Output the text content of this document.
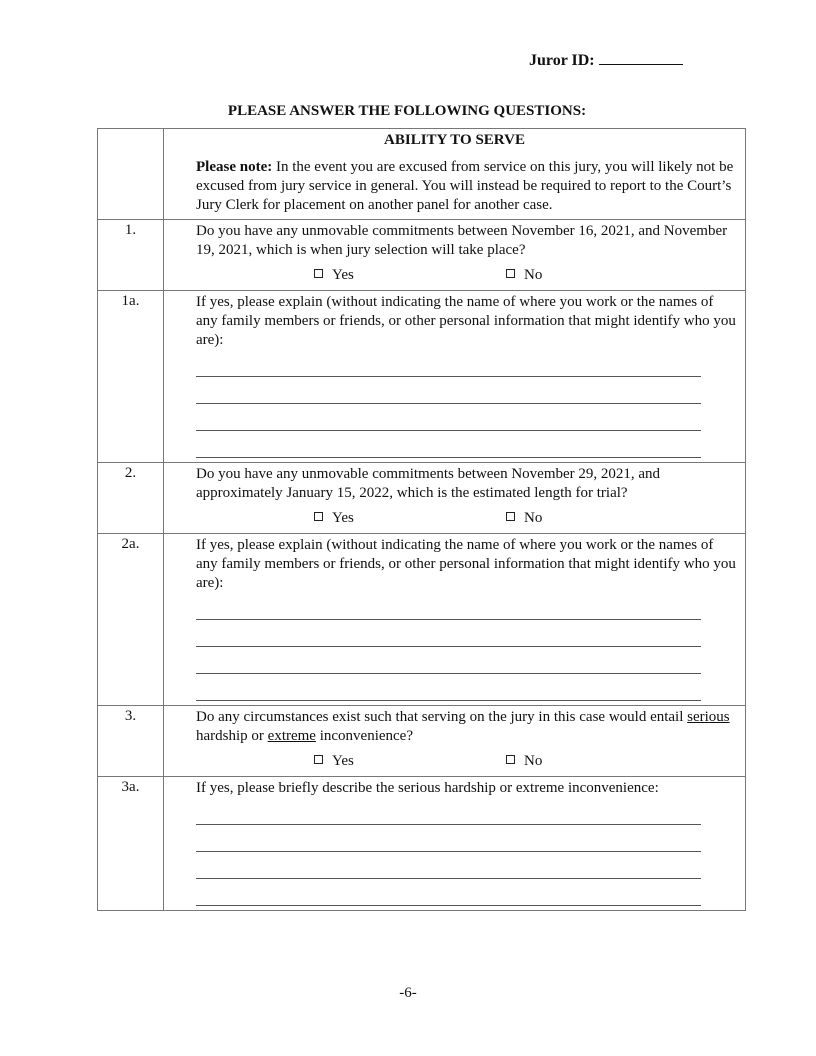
Juror ID:
PLEASE ANSWER THE FOLLOWING QUESTIONS:

	ABILITY TO SERVE
Please note: In the event you are excused from service on this jury, you will likely not be excused from jury service in general. You will instead be required to report to the Court’s Jury Clerk for placement on another panel for another case.

1.	Do you have any unmovable commitments between November 16, 2021, and November 19, 2021, which is when jury selection will take place?
Yes No

1a.	If yes, please explain (without indicating the name of where you work or the names of any family members or friends, or other personal information that might identify who you are):

2.	Do you have any unmovable commitments between November 29, 2021, and approximately January 15, 2022, which is the estimated length for trial?
Yes No

2a.	If yes, please explain (without indicating the name of where you work or the names of any family members or friends, or other personal information that might identify who you are):

3.	Do any circumstances exist such that serving on the jury in this case would entail serious hardship or extreme inconvenience?
Yes No

3a.	If yes, please briefly describe the serious hardship or extreme inconvenience:
-6-
